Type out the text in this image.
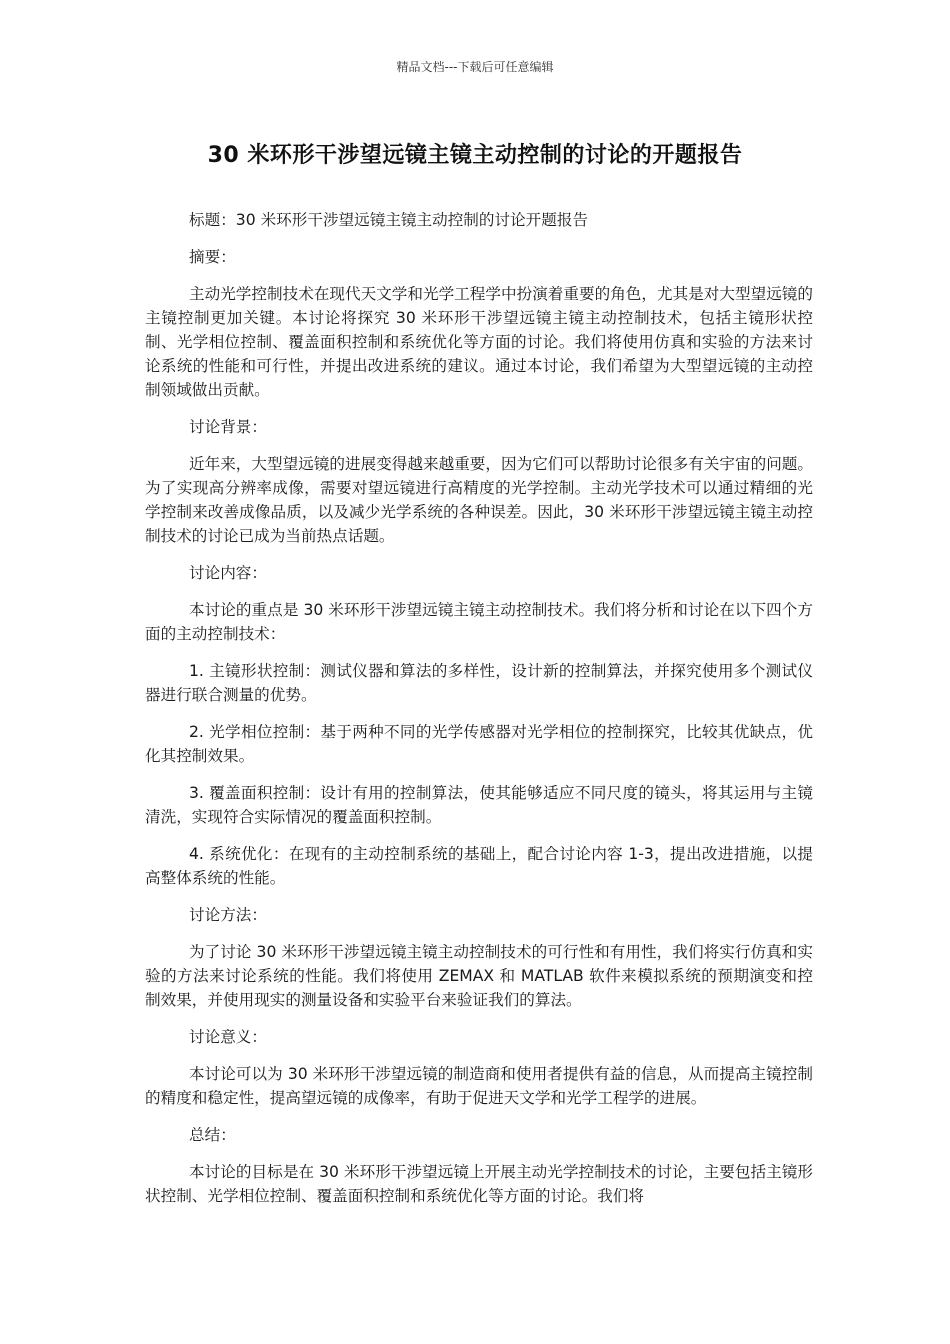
精品文档---下载后可任意编辑
30 米环形干涉望远镜主镜主动控制的讨论的开题报告

标题：30 米环形干涉望远镜主镜主动控制的讨论开题报告

摘要：

主动光学控制技术在现代天文学和光学工程学中扮演着重要的角色，尤其是对大型望远镜的主镜控制更加关键。本讨论将探究 30 米环形干涉望远镜主镜主动控制技术，包括主镜形状控制、光学相位控制、覆盖面积控制和系统优化等方面的讨论。我们将使用仿真和实验的方法来讨论系统的性能和可行性，并提出改进系统的建议。通过本讨论，我们希望为大型望远镜的主动控制领域做出贡献。

讨论背景：

近年来，大型望远镜的进展变得越来越重要，因为它们可以帮助讨论很多有关宇宙的问题。为了实现高分辨率成像，需要对望远镜进行高精度的光学控制。主动光学技术可以通过精细的光学控制来改善成像品质，以及减少光学系统的各种误差。因此，30 米环形干涉望远镜主镜主动控制技术的讨论已成为当前热点话题。

讨论内容：

本讨论的重点是 30 米环形干涉望远镜主镜主动控制技术。我们将分析和讨论在以下四个方面的主动控制技术：

1. 主镜形状控制：测试仪器和算法的多样性，设计新的控制算法，并探究使用多个测试仪器进行联合测量的优势。

2. 光学相位控制：基于两种不同的光学传感器对光学相位的控制探究，比较其优缺点，优化其控制效果。

3. 覆盖面积控制：设计有用的控制算法，使其能够适应不同尺度的镜头，将其运用与主镜清洗，实现符合实际情况的覆盖面积控制。

4. 系统优化：在现有的主动控制系统的基础上，配合讨论内容 1-3，提出改进措施，以提高整体系统的性能。

讨论方法：

为了讨论 30 米环形干涉望远镜主镜主动控制技术的可行性和有用性，我们将实行仿真和实验的方法来讨论系统的性能。我们将使用 ZEMAX 和 MATLAB 软件来模拟系统的预期演变和控制效果，并使用现实的测量设备和实验平台来验证我们的算法。

讨论意义：

本讨论可以为 30 米环形干涉望远镜的制造商和使用者提供有益的信息，从而提高主镜控制的精度和稳定性，提高望远镜的成像率，有助于促进天文学和光学工程学的进展。

总结：

本讨论的目标是在 30 米环形干涉望远镜上开展主动光学控制技术的讨论，主要包括主镜形状控制、光学相位控制、覆盖面积控制和系统优化等方面的讨论。我们将
